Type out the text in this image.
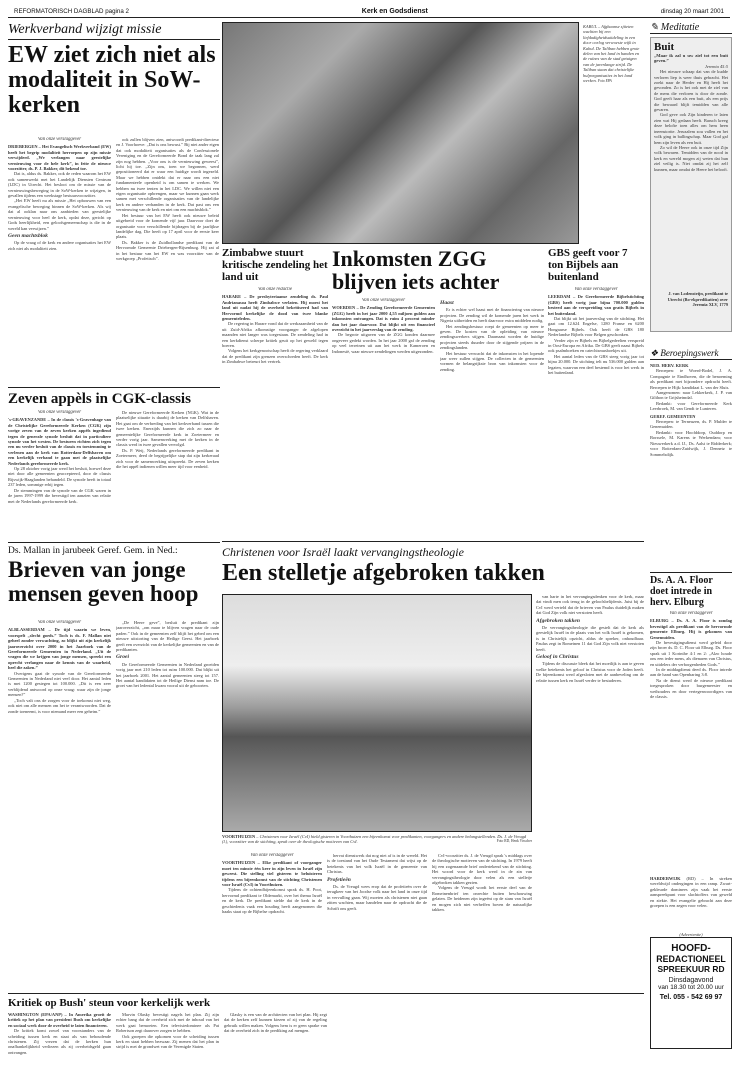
REFORMATORISCH DAGBLAD pagina 2	Kerk en Godsdienst	dinsdag 20 maart 2001
Werkverband wijzigt missie
EW ziet zich niet als modaliteit in SoW-kerken
Van onze verslaggever

DRIEBERGEN – Het Evangelisch Werkverband (EW) heeft het begrip modaliteit herroepen op zijn missie verwijderd. „We verlangen naar geestelijke vernieuwing voor de hele kerk”, in feite de nieuwe voorzitter, ds. P. J. Bakker, dit bekend toe.

Dat is, aldus ds. Bakker, ook de reden waarom het EW ook samenwerkt met het Landelijk Diensten Centrum (LDC) in Utrecht. Het besloot om de missie van de vernieuwingsbeweging in de SoW-kerken te wijzigen, in gevallen tijdens een weekstage bestuursvoorzitter.

„Het EW heeft nu als missie „Het opbouwen van een evangelische beweging binnen de SoW-kerken. Als wij dat al ooklan naar ons aanbieden van geestelijke vernieuwing voor heel de kerk, opdat deze, gericht op Gods heerlijkheid, een geloofsgemeenschap is die in de wereld kan verwijzen.”

Geen machtsblok

Op de vraag of de kerk en andere organisaties het EW zich niet als modaliteit zien.

ook zullen blijven zien, antwoordt predikant-directeur en J. Voorhoeve: „Dat is ons bewust.” Bij niet ander eigen dat ook modaliteit organisaties als de Confessionele Vereniging en de Gereformeerde Bond de taak lang zal zijn nog hebben. „Voor ons is de vernieuwing geweest”, licht hij toe. „Zijn ons, toen we begonnen, werd gepositioneerd dat er waar een huidige wordt ingezeld. Maar we hebben ontdekt dat er naar ons een niet fundamenteele openheid is om samen te werken. We hebben nu twee tenten in het LDC. We willen niet een eigen organisatie opbrengen, maar we kunnen gaan werk samen met verschillende organisaties van de landelijke kerk en andere verbanden in de kerk. Dat past ons een vernieuwing van de kerk en niet om een machtsblok.”

Het bestuur van het EW heeft ook nieuwe beleid uitgebreid voor de komende vijf jaar. Daarvoor doet de organisatie voor verschillende bijdragen bij de jaarlijkse landelijke dag. Die heeft op 17 april voor de eerste keer plaats.

Ds. Bakker is de Zuidhollandse predikant van de Hervormde Gemeente Driebergen-Rijsenburg. Hij zat al in het bestuur van het EW en was voorzitter van de werkgroep „Profetisch”.

KABUL – Afghaanse sjiieten wachten bij een liefdadigheidsuitdeling in een door oorlog verwoeste wijk in Kabul. De Taliban hebben grote delen van het land in handen en de ruïnes van de stad getuigen van de jarenlange strijd. De Taliban staan dat christelijke hulporganisaties in het land werken. Foto EPA
Zeven appèls in CGK-classis
Van onze verslaggever

's-GRAVENZANDE – In de classis 's-Gravenhage van de Christelijke Gereformeerde Kerken (CGK) zijn vorige zeven van de zeven kerken appèls ingediend tegen de generale synode besluit dat in particuliere synode van het westen. De besturen richten zich tegen een nu verder besluit van de classis en toestemming te verlenen aan de kerk van Rotterdam-Delfshaven om een kerkelijk verband te gaan met de plaatselijke Nederlands gereformeerde kerk.

Op 28 oktober vorig jaar werd het besluit, hoewel deze niet door alle gemeenten geaccepteerd, door de classis Rijswijk-Haaglanden behandeld. De synode heeft in totaal 237 leden, sommige erbij tegen.

De stemmingen van de synode van de CGK waren in de jaren 1997-1999 die bevestigd ten aanzien van relatie met de Nederlands gereformeerde kerk.

De nieuwe Gereformeerde Kerken (NGK). Wat in de plaatselijke situatie is daarbij de kerken van Delfshaven. Het gaat om de verbreding van het kerkverband tussen die twee kerken. Enerzijds kunnen die zich zo naar de gemeentelijke Gereformeerde kerk in Zoetermeer en verder vorig jaar. Samenwerking met de kerken in de classis werd in twee gevallen vervolgd.

Ds. P. Weij, Nederlands gereformeerde predikant in Zoetermeer, deed de begrijpelijke stap dat zijn kerkeraad zich voor de samenwerking uitspreekt. De zeven kerken die het appèl indienen willen meer tijd voor eenheid.

Zimbabwe stuurt kritische zendeling het land uit
Van onze redactie

HARARE – De presbyteriaanse zendeling ds. Paul Andrianasoa heeft Zimbabwe verlaten. Hij moest het land uit nadat hij de overheid bekritiseerd had van Hervormd kerkelijke de dood van twee blanke gemeenteleden.

De regering in Harare vond dat de werkzaamheid van de uit Zuid-Afrika afkomstige voorganger de afgelopen maanden niet langer was toegestaan. De zendeling had in een kerkdienst scherpe kritiek geuit op het geweld tegen boeren.

Volgens het kerkgenootschap heeft de regering verklaard dat de predikant zijn grenzen overschreden heeft. De kerk in Zimbabwe betreurt het vertrek.

Inkomsten ZGG blijven iets achter
Van onze verslaggever

WOERDEN – De Zending Gereformeerde Gemeenten (ZGG) heeft in het jaar 2000 4,55 miljoen gulden aan inkomsten ontvangen. Dat is ruim 4 procent minder dan het jaar daarvoor. Dat blijkt uit een financieel overzicht in het jaarverslag van de zending.

De begrote uitgaven van de ZGG konden daarmee ongeveer gedekt worden. In het jaar 2000 gaf de zending op veel terreinen uit aan het werk in Kameroen en Indonesië, waar nieuwe zendelingen werden uitgezonden.

Haast

Er is echter wel haast met de financiering van nieuwe projecten. De zending wil de komende jaren het werk in Nigeria uitbreiden en heeft daarvoor extra middelen nodig.

Het zendingsbestuur roept de gemeenten op meer te geven. De kosten van de opleiding van nieuwe zendingswerkers stijgen. Daarnaast worden de huidige projecten steeds duurder door de stijgende prijzen in de zendingslanden.

Het bestuur verwacht dat de inkomsten in het lopende jaar weer zullen stijgen. De collecten in de gemeenten vormen de belangrijkste bron van inkomsten voor de zending.

GBS geeft voor 7 ton Bijbels aan buitenland
Van onze verslaggever

LEERDAM – De Gereformeerde Bijbelstichting (GBS) heeft vorig jaar bijna 700.000 gulden besteed aan de verspreiding van gratis Bijbels in het buitenland.

Dat blijkt uit het jaarverslag van de stichting. Het gaat om 12.624 Engelse, 1280 Franse en 6200 Hongaarse Bijbels. Ook heeft de GBS 180 Nederlandse Bijbels voor Belgen geschonken.

Verder zijn er Bijbels en Bijbelgedeelten verspreid in Oost-Europa en Afrika. De GBS geeft naast Bijbels ook psalmboeken en catechismusboekjes uit.

Het aantal leden van de GBS steeg vorig jaar tot bijna 20.000. De stichting telt nu 536.000 gulden aan legaten, waarvan een deel bestemd is voor het werk in het buitenland.

Christenen voor Israël laakt vervangingstheologie
Een stelletje afgebroken takken
VOORTHUIZEN – Christenen voor Israël (CvI) hield gisteren in Voorthuizen een bijeenkomst voor predikanten, voorgangers en andere belangstellenden. Ds. J. de Vreugd (l.), voorzitter van de stichting, sprak over de theologische motieven van CvI.	Foto RD, Henk Visscher
Van onze verslaggever

VOORTHUIZEN – Elke predikant of voorganger moet ten minste één keer in zijn leven in Israël zijn geweest. Die stelling viel gisteren te beluisteren tijdens een bijeenkomst van de stichting Christenen voor Israël (CvI) in Voorthuizen.

Tijdens de ochtendbijeenkomst sprak ds. H. Poot, hervormd predikant te Oldemarkt, over het thema Israël en de kerk. De predikant stelde dat de kerk in de geschiedenis vaak een houding heeft aangenomen die haaks staat op de Bijbelse opdracht.

hervat dienstwerk dat nog niet af is in de wereld. Het is de toestand van het Oude Testament dat wijst op de betekenis van het volk Israël in de gemeente van Christus.

Profetieën

Ds. de Vreugd wees erop dat de profetieën over de terugkeer van het Joodse volk naar het land in onze tijd in vervulling gaan. Wij moeten als christenen niet gaan zitten wachten, maar handelen naar de opdracht die de Schrift ons geeft.

CvI-voorzitter ds. J. de Vreugd sprak 's middags over de theologische motieven van de stichting. In 1979 heeft hij een zogenaamde brief ondertekend van de stichting. Het woord voor de kerk werd in de zin van vervangingstheologie door velen als een stelletje afgebroken takken gezien.

Volgens de Vreugd wordt het eerste deel van de Romeinenbrief ten onrechte buiten beschouwing gelaten. De heidenen zijn ingeënt op de stam van Israël en mogen zich niet verheffen boven de natuurlijke takken.

van harte in het vervangingsdenken voor de kerk, maar dat vindt men ook terug in de geloofsbelijdenis. Juist bij de CvI werd verteld dat de brieven van Paulus duidelijk maken dat God Zijn volk niet verstoten heeft.

Afgebroken takken

De vervangingstheologie die gestelt dat de kerk als geestelijk Israël in de plaats van het volk Israël is gekomen, is in Christelijk opzicht, aldus de spreker, onhoudbaar. Paulus zegt in Romeinen 11 dat God Zijn volk niet verstoten heeft.

Geloof in Christus

Tijdens de discussie bleek dat het moeilijk is aan te geven welke betekenis het geloof in Christus voor de Joden heeft. De bijeenkomst werd afgesloten met de aanbeveling om de relatie tussen kerk en Israël verder te bestuderen.

Ds. Mallan in jarubeek Geref. Gem. in Ned.:
Brieven van jonge mensen geven hoop
Van onze verslaggever

ALBLASSERDAM – De tijd waarin we leven, voorspelt „slecht goeds.” Toch is ds. F. Mallan niet geheel zonder verwachting, zo blijkt uit zijn kerkelijk jaaroverzicht over 2000 in het Jaarboek van de Gereformeerde Gemeenten in Nederland. „Uit de vragen die we krijgen van jonge mensen, spreekt een oprecht verlangen naar de kennis van de waarheid, heel die zaken.”

Overigens gaat de synode van de Gereformeerde Gemeenten in Nederland niet veel door. Het aantal leden is met 1200 gestegen tot 100.000. „Dit is een zeer verblijdend antwoord op onze vraag: waar zijn de jonge mensen?”

„Toch valt ons de zorgen voor de toekomst niet weg, ook niet om alle mensen om het te verantwoorden. Dat de zonde toeneemt, is voor niemand meer een geheim.”

„De Heere geve”, besluit de predikant zijn jaaroverzicht, „om maar te blijven vragen naar de oude paden.” Ook in de gemeenten zelf blijft het gebed om een nieuwe uitstorting van de Heilige Geest. Het jaarboek geeft een overzicht van de kerkelijke gemeenten en van de predikanten.

Groei

De Gereformeerde Gemeenten in Nederland groeiden vorig jaar met 210 leden tot ruim 100.000. Dat blijkt uit het jaarboek 2001. Het aantal gemeenten steeg tot 157. Het aantal kandidaten tot de Heilige Dienst nam toe. De groei van het ledental kwam vooral uit de geboorten.

Kritiek op Bush' steun voor kerkelijk werk

WASHINGTON (EPA/ANP) – In Amerika groeit de kritiek op het plan van president Bush om kerkelijke en sociaal werk door de overheid te laten financieren.

De kritiek komt zowel van voorstanders van de scheiding tussen kerk en staat als van behoudende christenen. Zij vrezen dat de kerken hun onafhankelijkheid verliezen als zij overheidsgeld gaan ontvangen.

Marvin Olasky bevestigt nagels het plan. Zij zijn echter bang dat de overheid zich met de inhoud van het werk gaat bemoeien. Een televisiedominee als Pat Robertson zegt daarover zorgen te hebben.

Ook groepen die opkomen voor de scheiding tussen kerk en staat hebben bezwaar. Zij menen dat het plan in strijd is met de grondwet van de Verenigde Staten.

Glasky is een van de architecten van het plan. Hij zegt dat de kerken zelf kunnen kiezen of zij van de regeling gebruik willen maken. Volgens hem is er geen sprake van dat de overheid zich in de prediking zal mengen.

✎ Meditatie
Buit
„Maar ik zal u uw ziel tot een buit geven.”
Jeremia 45:5

Het nieuwe schaap dat van de kudde verloren liep is weer thuis gebracht. Het zoekt naar de Herder en Hij heeft het gevonden. Zo is het ook met de ziel van de mens die verloren is door de zonde. God geeft haar als een buit, als een prijs die bewaard blijft temidden van alle gevaren.

God geve ook Zijn kinderen te laten zien wat Hij gedaan heeft. Baruch kreeg deze belofte toen alles om hem heen ineenstortte. Jeruzalem zou vallen en het volk ging in ballingschap. Maar God gaf hem zijn leven als een buit.

Zo wil de Heere ook in onze tijd Zijn volk bewaren. Temidden van de nood in kerk en wereld mogen zij weten dat hun ziel veilig is. Niet omdat zij het zelf kunnen, maar omdat de Heere het belooft.

J. van Lodensteijn, predikant te Utrecht (Bo-ekpredikatien) over Jeremia XLV, 1779
❖ Beroepingswerk
NED. HERV. KERK

Beroepen: te Woerd-Bodel, J. A. Compagnie te Eindhoven, die de benoeming als predikant met bijzondere opdracht heeft. Beroepen te Hijk: kandidaat L. van der Sluis.

Aangenomen: naar Lekkerkerk, J. P. van Gilthon te Grijsheimdal.

Bedankt: voor Gereformeerde Kerk Leerbroek, M. van Gendt te Lunteren.

GEREF. GEMEENTEN

Beroepen: te Terneuzen, ds. P. Mulder te Genemuiden.

Bedankt: voor Hoofddorp, Ouddorp en Borssele, M. Karens te Werkendam; voor Nieuwerkerk a.d. IJ., Ds. Aalst te Ridderkerk; voor Rotterdam-Zuidwijk, J. Dennetz te Sommelsdijk.

Ds. A. A. Floor doet intrede in herv. Elburg
Van onze verslaggever

ELBURG – Ds. A. A. Floor is zondag bevestigd als predikant van de hervormde gemeente Elburg. Hij is gekomen van Genemuiden.

De bevestigingsdienst werd geleid door zijn broer ds. D. C. Floor uit Elburg. Ds. Floor sprak uit 1 Korinthe 4:1 en 2: „Alzo houde ons een ieder mens, als dienaren van Christus, en uitdelers der verborgenheden Gods.”

In de middagdienst deed ds. Floor intrede aan de hand van Openbaring 3:8.

Na de dienst werd de nieuwe predikant toegesproken door burgemeester en wethouders en door vertegenwoordigers van de classis.

HARDERWIJK (RD) – In streken wereldwijd ondergingen in een ramp. Zwart-gekleurde dominees zijn vaak het eerste aanspreekpunt voor slachtoffers van geweld en ziekte. Het evangelie gebracht aan deze groepen is een zegen voor velen.

(Advertentie)
HOOFD-
REDACTIONEEL
SPREEKUUR RD
Dinsdagavond
van 18.30 tot 20.00 uur
Tel. 055 - 542 69 97
